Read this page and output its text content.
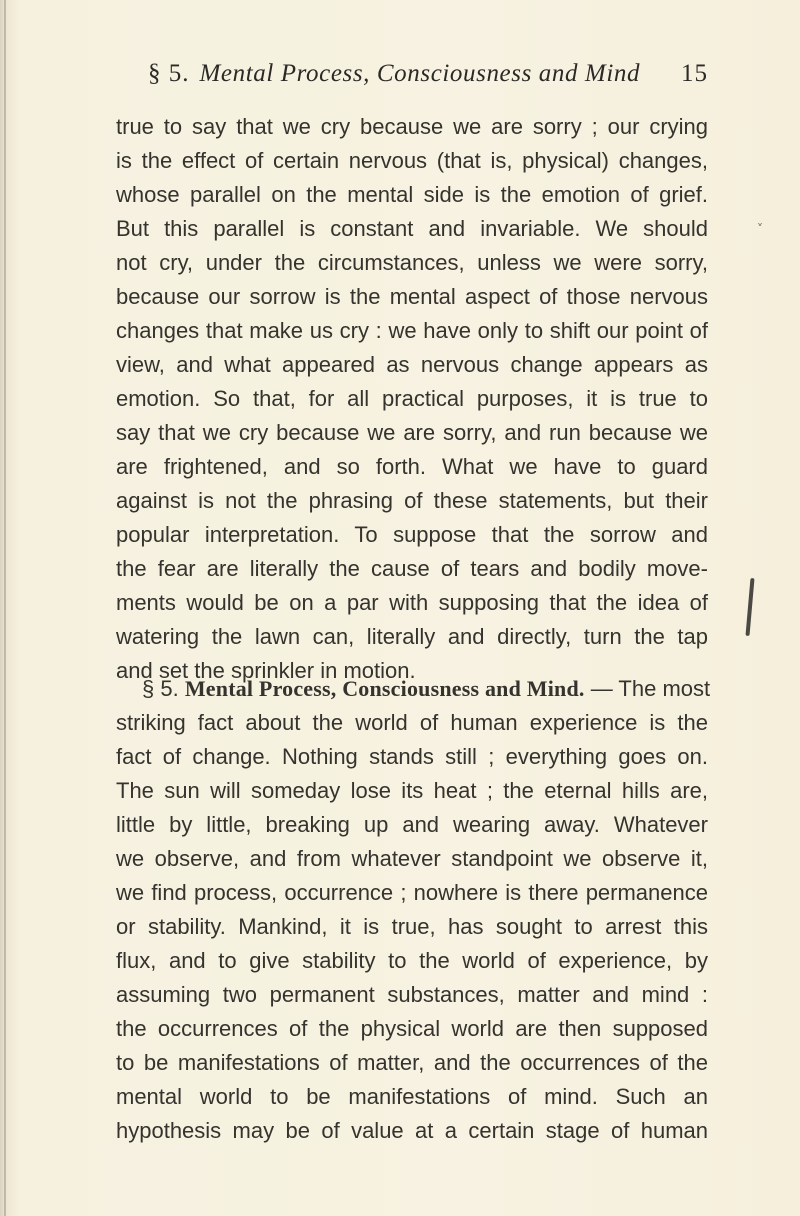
§ 5. Mental Process, Consciousness and Mind 15
true to say that we cry because we are sorry ; our crying
is the effect of certain nervous (that is, physical) changes,
whose parallel on the mental side is the emotion of grief.
But this parallel is constant and invariable. We should
not cry, under the circumstances, unless we were sorry,
because our sorrow is the mental aspect of those nervous
changes that make us cry : we have only to shift our point of
view, and what appeared as nervous change appears as
emotion. So that, for all practical purposes, it is true to
say that we cry because we are sorry, and run because we
are frightened, and so forth. What we have to guard
against is not the phrasing of these statements, but their
popular interpretation. To suppose that the sorrow and
the fear are literally the cause of tears and bodily move-
ments would be on a par with supposing that the idea of
watering the lawn can, literally and directly, turn the tap
and set the sprinkler in motion.
§ 5. Mental Process, Consciousness and Mind. — The most
striking fact about the world of human experience is the
fact of change. Nothing stands still ; everything goes on.
The sun will someday lose its heat ; the eternal hills are,
little by little, breaking up and wearing away. Whatever
we observe, and from whatever standpoint we observe it,
we find process, occurrence ; nowhere is there permanence
or stability. Mankind, it is true, has sought to arrest this
flux, and to give stability to the world of experience, by
assuming two permanent substances, matter and mind :
the occurrences of the physical world are then supposed
to be manifestations of matter, and the occurrences of the
mental world to be manifestations of mind. Such an
hypothesis may be of value at a certain stage of human
˅
